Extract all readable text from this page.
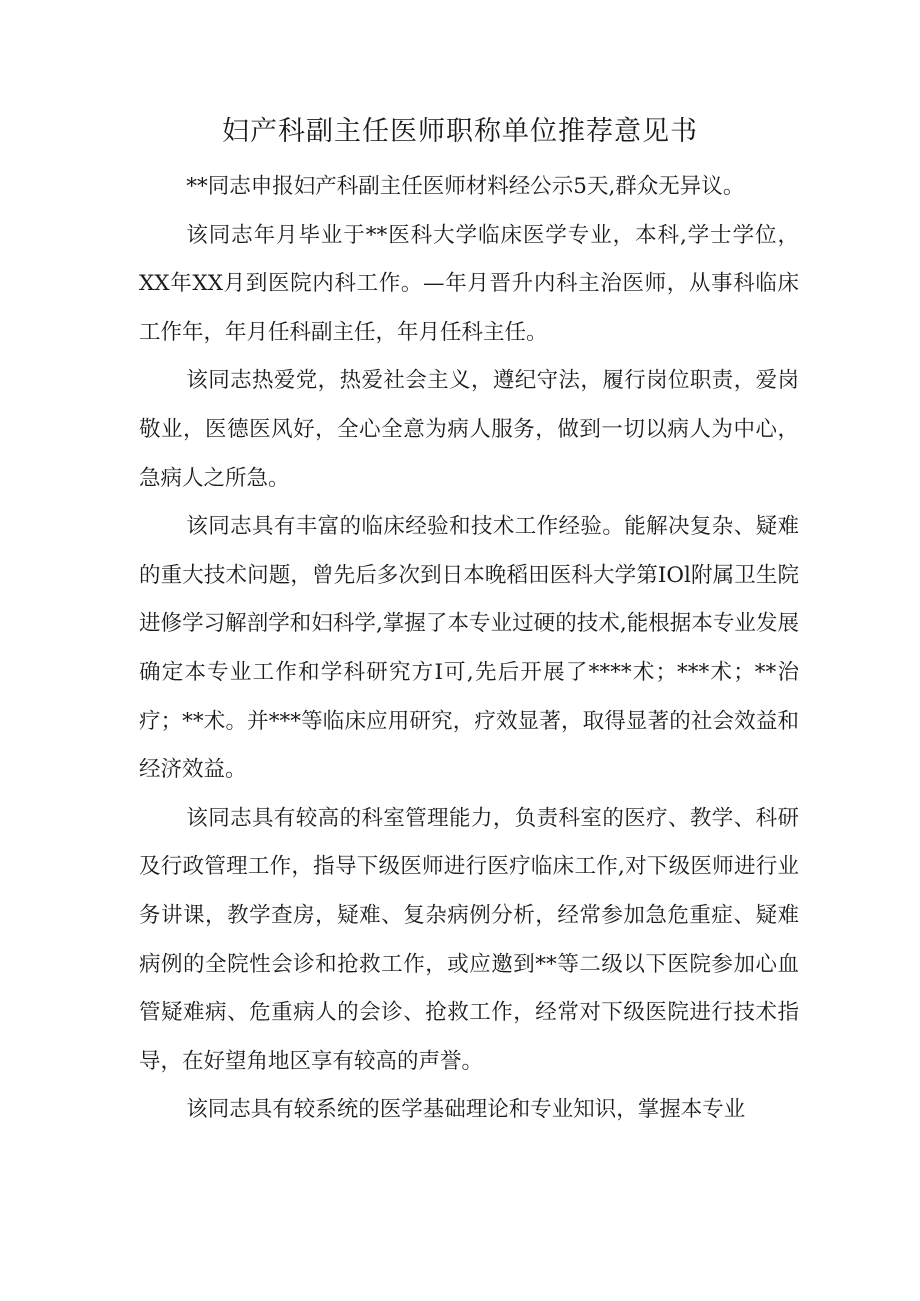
妇产科副主任医师职称单位推荐意见书

**同志申报妇产科副主任医师材料经公示5天,群众无异议。

该同志年月毕业于**医科大学临床医学专业，本科,学士学位，XX年XX月到医院内科工作。—年月晋升内科主治医师，从事科临床工作年，年月任科副主任，年月任科主任。

该同志热爱党，热爱社会主义，遵纪守法，履行岗位职责，爱岗敬业，医德医风好，全心全意为病人服务，做到一切以病人为中心，急病人之所急。

该同志具有丰富的临床经验和技术工作经验。能解决复杂、疑难的重大技术问题，曾先后多次到日本晚稻田医科大学第IOl附属卫生院进修学习解剖学和妇科学,掌握了本专业过硬的技术,能根据本专业发展确定本专业工作和学科研究方I可,先后开展了****术；***术；**治疗；**术。并***等临床应用研究，疗效显著，取得显著的社会效益和经济效益。

该同志具有较高的科室管理能力，负责科室的医疗、教学、科研及行政管理工作，指导下级医师进行医疗临床工作,对下级医师进行业务讲课，教学查房，疑难、复杂病例分析，经常参加急危重症、疑难病例的全院性会诊和抢救工作，或应邀到**等二级以下医院参加心血管疑难病、危重病人的会诊、抢救工作，经常对下级医院进行技术指导，在好望角地区享有较高的声誉。

该同志具有较系统的医学基础理论和专业知识，掌握本专业
